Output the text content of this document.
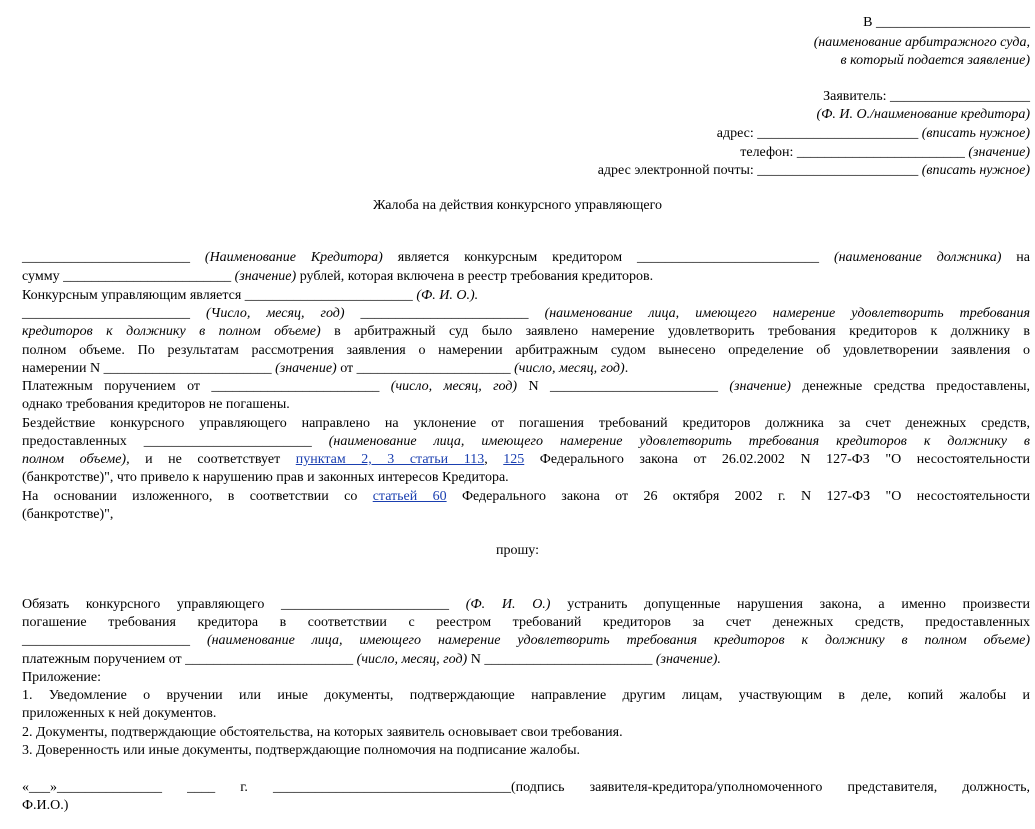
В ______________________
(наименование арбитражного суда,
в который подается заявление)
Заявитель: ____________________
(Ф. И. О./наименование кредитора)
адрес: _______________________ (вписать нужное)
телефон: ________________________ (значение)
адрес электронной почты: _______________________ (вписать нужное)
Жалоба на действия конкурсного управляющего
________________________ (Наименование Кредитора) является конкурсным кредитором __________________________ (наименование должника) на
сумму ________________________ (значение) рублей, которая включена в реестр требования кредиторов.
Конкурсным управляющим является ________________________ (Ф. И. О.).
________________________ (Число, месяц, год) ________________________ (наименование лица, имеющего намерение удовлетворить требования
кредиторов к должнику в полном объеме) в арбитражный суд было заявлено намерение удовлетворить требования кредиторов к должнику в
полном объеме. По результатам рассмотрения заявления о намерении арбитражным судом вынесено определение об удовлетворении заявления о
намерении N ________________________ (значение) от ______________________ (число, месяц, год).
Платежным поручением от ________________________ (число, месяц, год) N ________________________ (значение) денежные средства предоставлены,
однако требования кредиторов не погашены.
Бездействие конкурсного управляющего направлено на уклонение от погашения требований кредиторов должника за счет денежных средств,
предоставленных ________________________ (наименование лица, имеющего намерение удовлетворить требования кредиторов к должнику в
полном объеме), и не соответствует пунктам 2, 3 статьи 113, 125 Федерального закона от 26.02.2002 N 127-ФЗ "О несостоятельности
(банкротстве)", что привело к нарушению прав и законных интересов Кредитора.
На основании изложенного, в соответствии со статьей 60 Федерального закона от 26 октября 2002 г. N 127-ФЗ "О несостоятельности
(банкротстве)",
прошу:
Обязать конкурсного управляющего ________________________ (Ф. И. О.) устранить допущенные нарушения закона, а именно произвести
погашение требования кредитора в соответствии с реестром требований кредиторов за счет денежных средств, предоставленных
________________________ (наименование лица, имеющего намерение удовлетворить требования кредиторов к должнику в полном объеме)
платежным поручением от ________________________ (число, месяц, год) N ________________________ (значение).
Приложение:
1. Уведомление о вручении или иные документы, подтверждающие направление другим лицам, участвующим в деле, копий жалобы и
приложенных к ней документов.
2. Документы, подтверждающие обстоятельства, на которых заявитель основывает свои требования.
3. Доверенность или иные документы, подтверждающие полномочия на подписание жалобы.
«___»_______________ ____ г. __________________________________(подпись заявителя-кредитора/уполномоченного представителя, должность,
Ф.И.О.)
